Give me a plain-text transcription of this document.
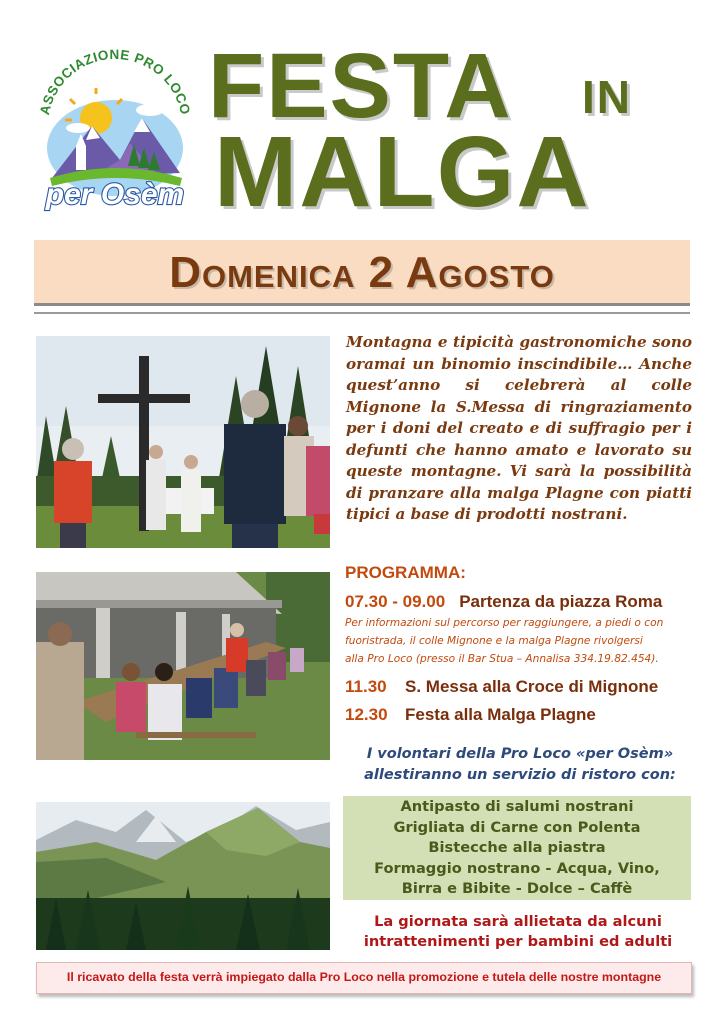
ASSOCIAZIONE PRO LOCO
per Osèm
FESTA IN
MALGA
Domenica 2 Agosto
Montagna e tipicità gastronomiche sono oramai un binomio inscindibile… Anche quest’anno si celebrerà al colle Mignone la S.Messa di ringraziamento per i doni del creato e di suffragio per i defunti che hanno amato e lavorato su queste montagne. Vi sarà la possibilità di pranzare alla malga Plagne con piatti tipici a base di prodotti nostrani.
PROGRAMMA:
07.30 - 09.00 Partenza da piazza Roma
Per informazioni sul percorso per raggiungere, a piedi o con
fuoristrada, il colle Mignone e la malga Plagne rivolgersi
alla Pro Loco (presso il Bar Stua – Annalisa 334.19.82.454).
11.30 S. Messa alla Croce di Mignone
12.30 Festa alla Malga Plagne
I volontari della Pro Loco «per Osèm»
allestiranno un servizio di ristoro con:
Antipasto di salumi nostrani
Grigliata di Carne con Polenta
Bistecche alla piastra
Formaggio nostrano - Acqua, Vino,
Birra e Bibite - Dolce – Caffè
La giornata sarà allietata da alcuni
intrattenimenti per bambini ed adulti
Il ricavato della festa verrà impiegato dalla Pro Loco nella promozione e tutela delle nostre montagne
